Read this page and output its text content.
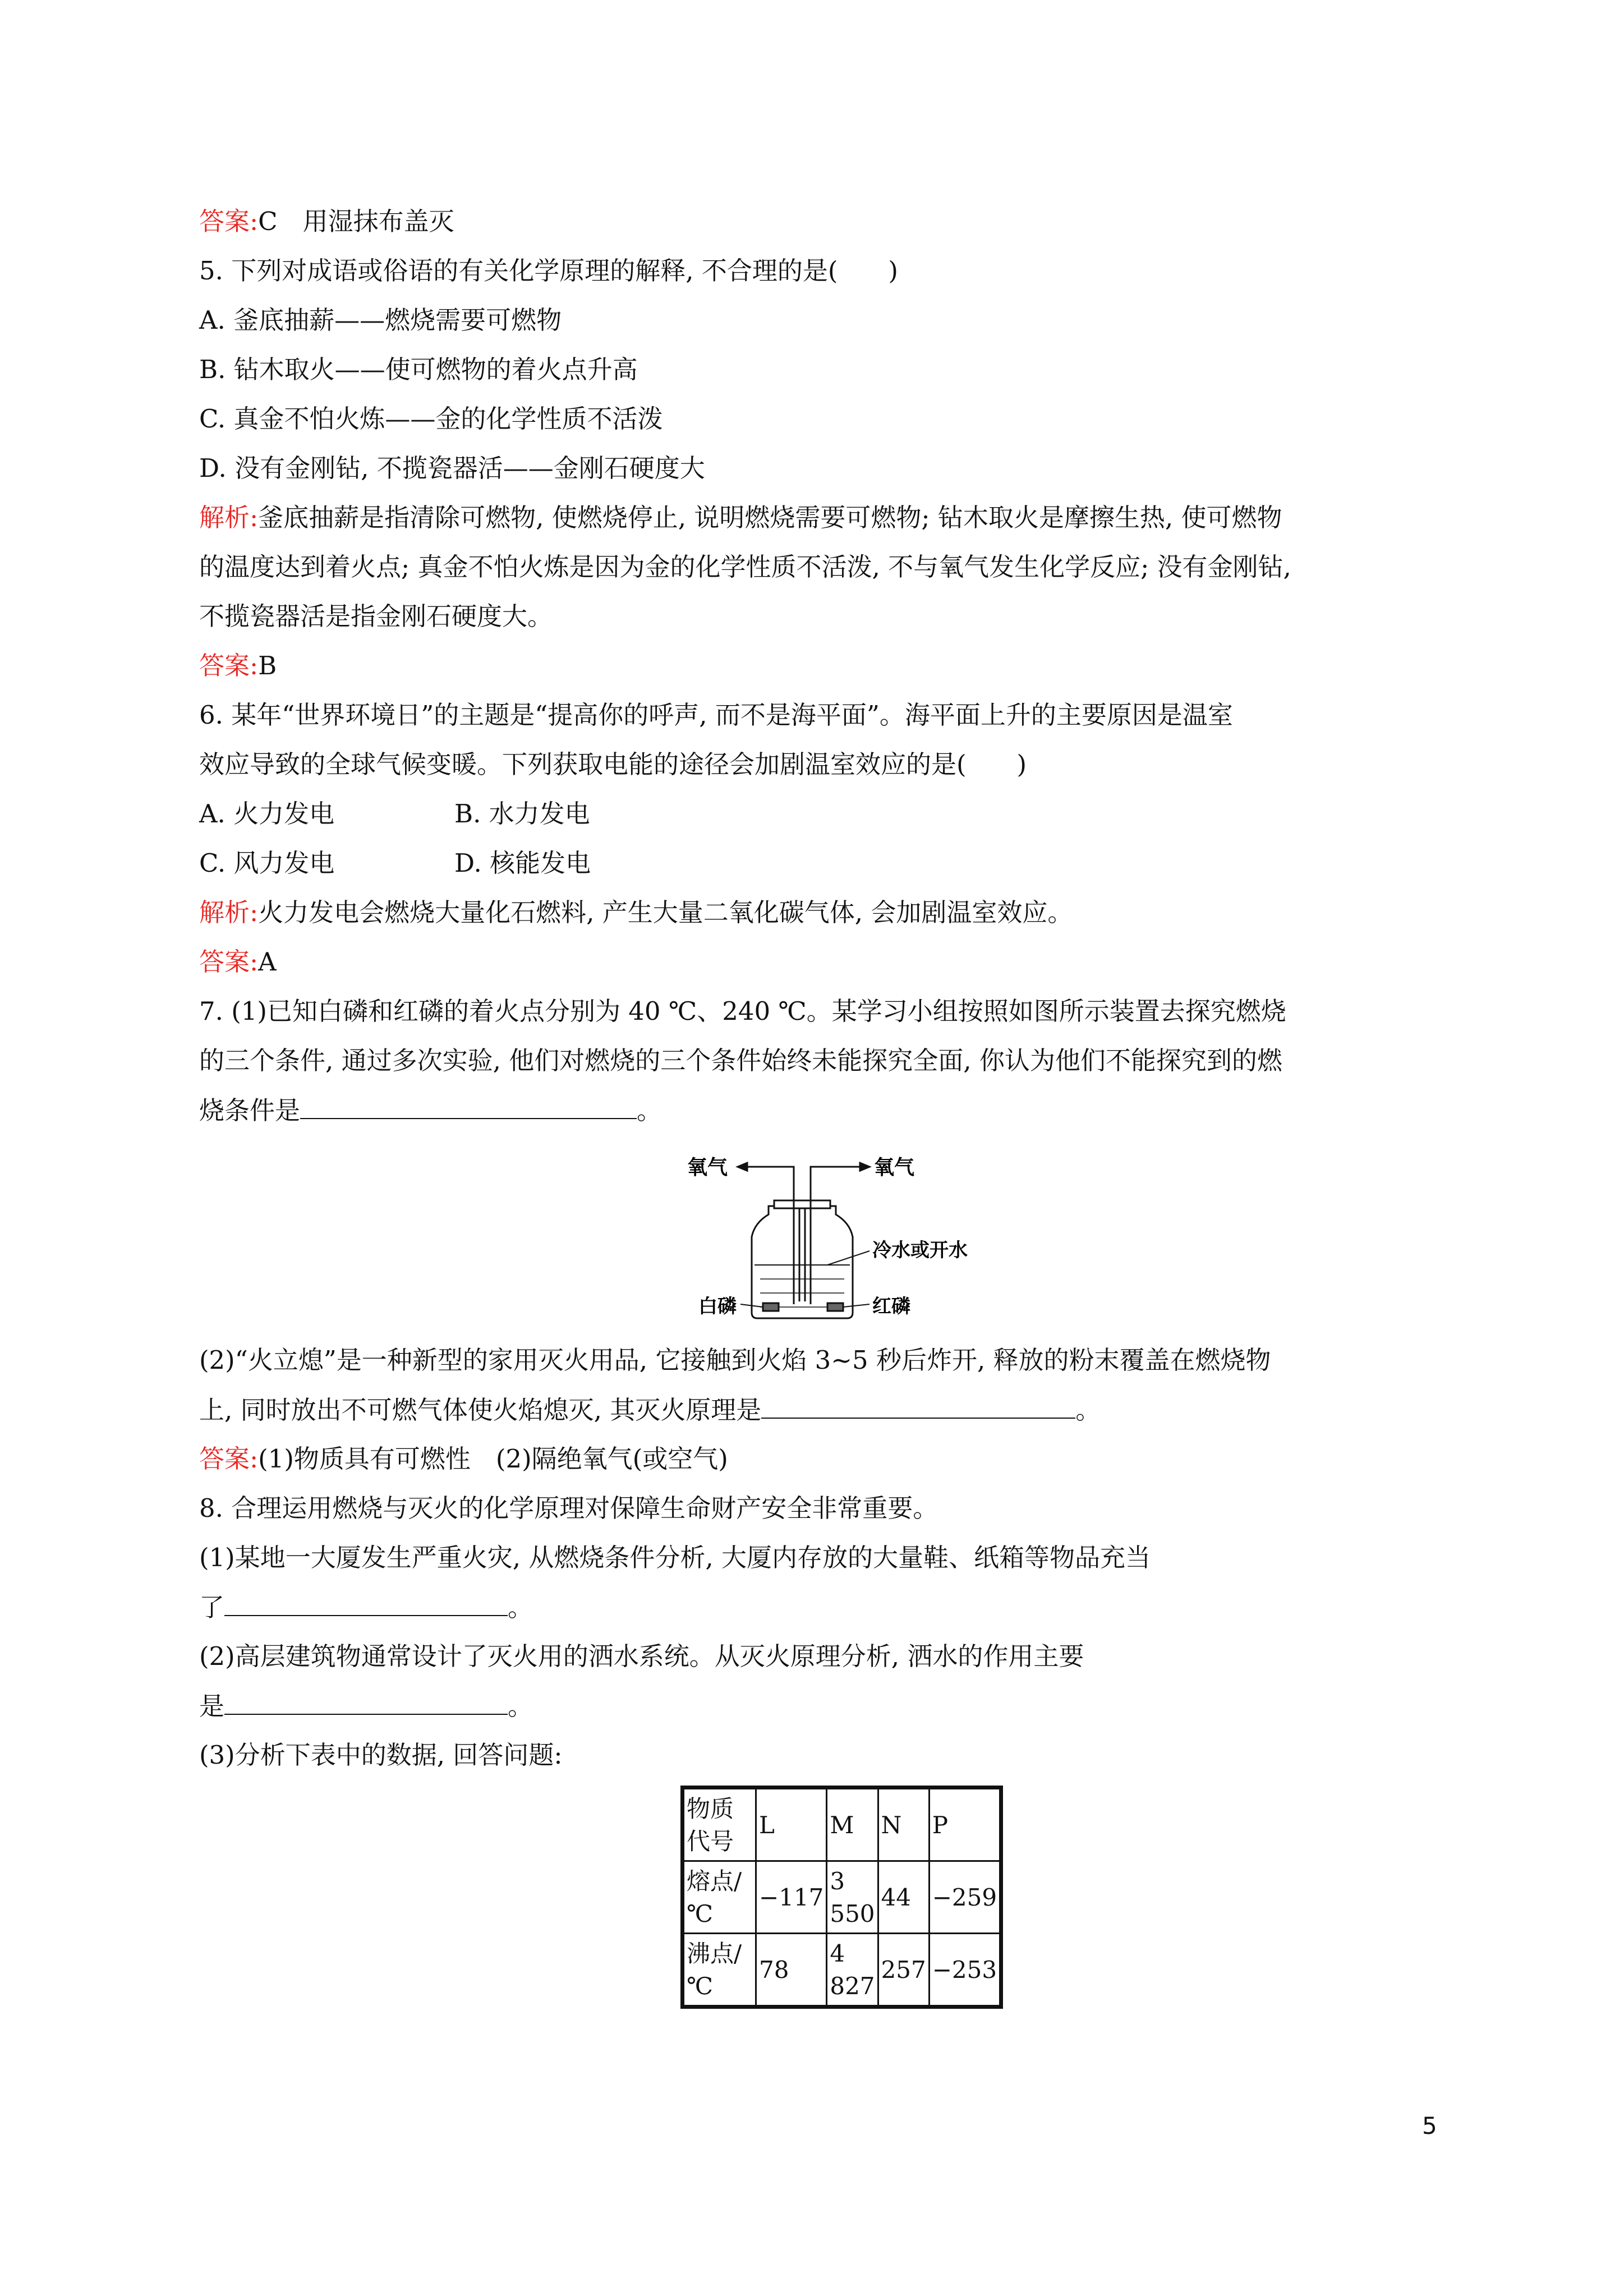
答案:C　用湿抹布盖灭
5. 下列对成语或俗语的有关化学原理的解释, 不合理的是(　　)
A. 釜底抽薪——燃烧需要可燃物
B. 钻木取火——使可燃物的着火点升高
C. 真金不怕火炼——金的化学性质不活泼
D. 没有金刚钻, 不揽瓷器活——金刚石硬度大
解析:釜底抽薪是指清除可燃物, 使燃烧停止, 说明燃烧需要可燃物; 钻木取火是摩擦生热, 使可燃物
的温度达到着火点; 真金不怕火炼是因为金的化学性质不活泼, 不与氧气发生化学反应; 没有金刚钻,
不揽瓷器活是指金刚石硬度大。
答案:B
6. 某年“世界环境日”的主题是“提高你的呼声, 而不是海平面”。海平面上升的主要原因是温室
效应导致的全球气候变暖。下列获取电能的途径会加剧温室效应的是(　　)
A. 火力发电	B. 水力发电
C. 风力发电	D. 核能发电
解析:火力发电会燃烧大量化石燃料, 产生大量二氧化碳气体, 会加剧温室效应。
答案:A
7. (1)已知白磷和红磷的着火点分别为 40 ℃、240 ℃。某学习小组按照如图所示装置去探究燃烧
的三个条件, 通过多次实验, 他们对燃烧的三个条件始终未能探究全面, 你认为他们不能探究到的燃
烧条件是	。
氧气	氧气
冷水或开水
白磷	红磷
(2)“火立熄”是一种新型的家用灭火用品, 它接触到火焰 3~5 秒后炸开, 释放的粉末覆盖在燃烧物
上, 同时放出不可燃气体使火焰熄灭, 其灭火原理是	。
答案:(1)物质具有可燃性　(2)隔绝氧气(或空气)
8. 合理运用燃烧与灭火的化学原理对保障生命财产安全非常重要。
(1)某地一大厦发生严重火灾, 从燃烧条件分析, 大厦内存放的大量鞋、纸箱等物品充当
了	。
(2)高层建筑物通常设计了灭火用的洒水系统。从灭火原理分析, 洒水的作用主要
是	。
(3)分析下表中的数据, 回答问题:
物质代号	L	M	N	P
熔点/℃	−117	3 550	44	−259
沸点/℃	78	4 827	257	−253
5
